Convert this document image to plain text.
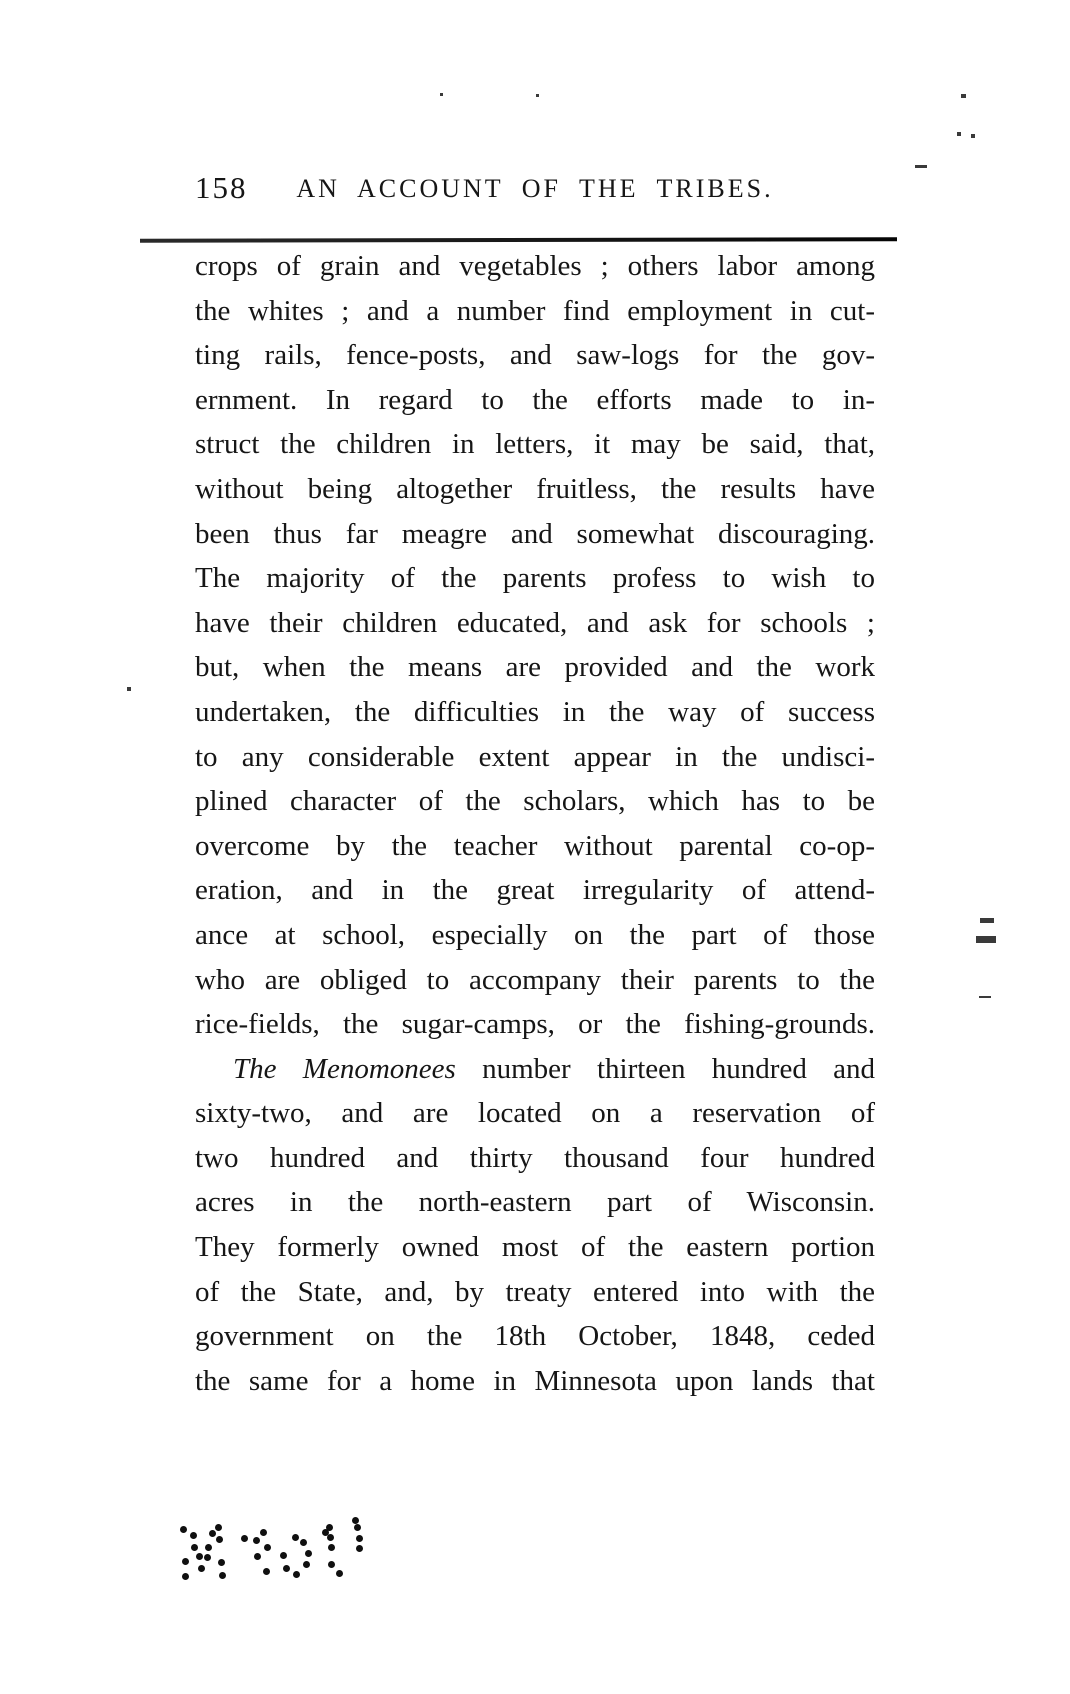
158	AN ACCOUNT OF THE TRIBES.
crops of grain and vegetables ; others labor among
the whites ; and a number find employment in cut-
ting rails, fence-posts, and saw-logs for the gov-
ernment. In regard to the efforts made to in-
struct the children in letters, it may be said, that,
without being altogether fruitless, the results have
been thus far meagre and somewhat discouraging.
The majority of the parents profess to wish to
have their children educated, and ask for schools ;
but, when the means are provided and the work
undertaken, the difficulties in the way of success
to any considerable extent appear in the undisci-
plined character of the scholars, which has to be
overcome by the teacher without parental co-op-
eration, and in the great irregularity of attend-
ance at school, especially on the part of those
who are obliged to accompany their parents to the
rice-fields, the sugar-camps, or the fishing-grounds.
The Menomonees number thirteen hundred and
sixty-two, and are located on a reservation of
two hundred and thirty thousand four hundred
acres in the north-eastern part of Wisconsin.
They formerly owned most of the eastern portion
of the State, and, by treaty entered into with the
government on the 18th October, 1848, ceded
the same for a home in Minnesota upon lands that
